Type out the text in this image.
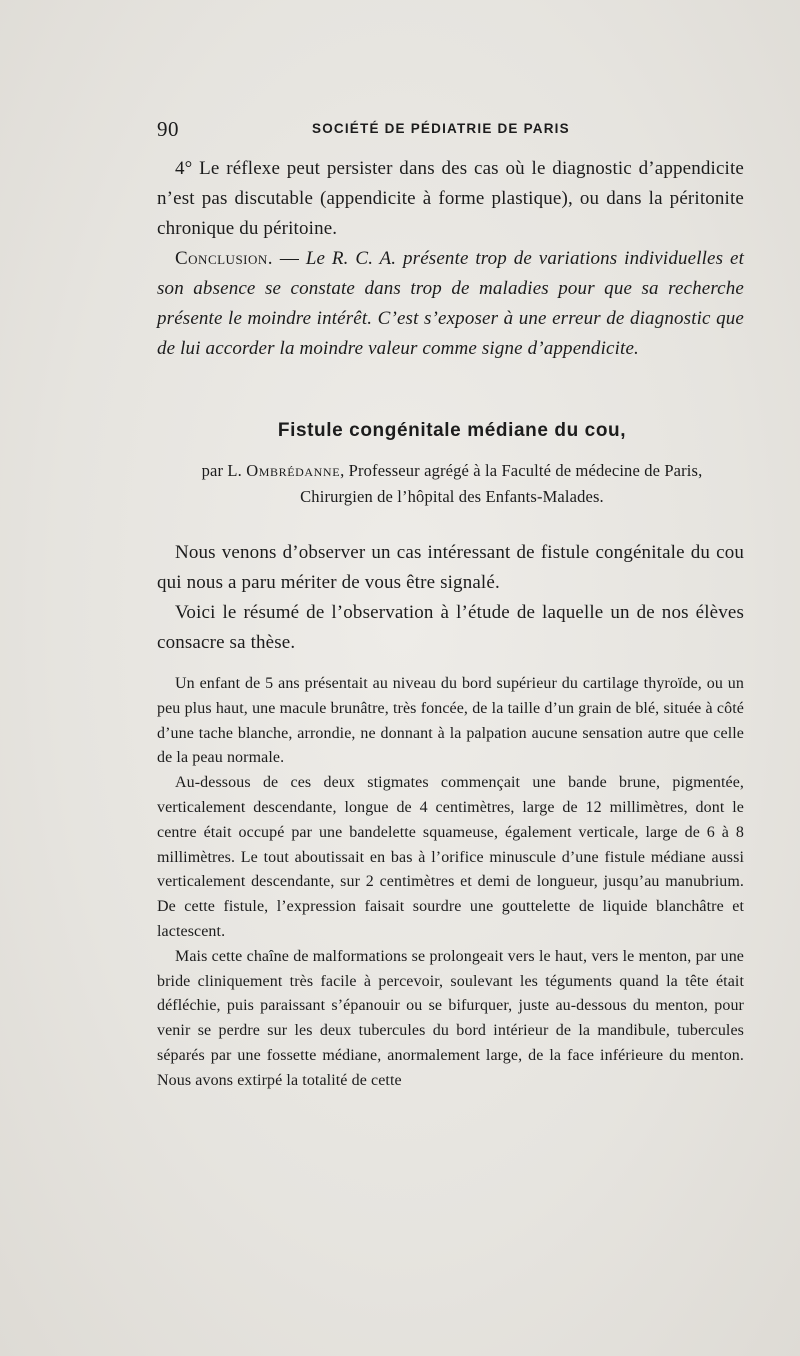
90	SOCIÉTÉ DE PÉDIATRIE DE PARIS

4° Le réflexe peut persister dans des cas où le diagnostic d’appendicite n’est pas discutable (appendicite à forme plastique), ou dans la péritonite chronique du péritoine.

Conclusion. — Le R. C. A. présente trop de variations individuelles et son absence se constate dans trop de maladies pour que sa recherche présente le moindre intérêt. C’est s’exposer à une erreur de diagnostic que de lui accorder la moindre valeur comme signe d’appendicite.

Fistule congénitale médiane du cou,
par L. Ombrédanne, Professeur agrégé à la Faculté de médecine de Paris,
Chirurgien de l’hôpital des Enfants-Malades.

Nous venons d’observer un cas intéressant de fistule congénitale du cou qui nous a paru mériter de vous être signalé.

Voici le résumé de l’observation à l’étude de laquelle un de nos élèves consacre sa thèse.

Un enfant de 5 ans présentait au niveau du bord supérieur du cartilage thyroïde, ou un peu plus haut, une macule brunâtre, très foncée, de la taille d’un grain de blé, située à côté d’une tache blanche, arrondie, ne donnant à la palpation aucune sensation autre que celle de la peau normale.

Au-dessous de ces deux stigmates commençait une bande brune, pigmentée, verticalement descendante, longue de 4 centimètres, large de 12 millimètres, dont le centre était occupé par une bandelette squameuse, également verticale, large de 6 à 8 millimètres. Le tout aboutissait en bas à l’orifice minuscule d’une fistule médiane aussi verticalement descendante, sur 2 centimètres et demi de longueur, jusqu’au manubrium. De cette fistule, l’expression faisait sourdre une gouttelette de liquide blanchâtre et lactescent.

Mais cette chaîne de malformations se prolongeait vers le haut, vers le menton, par une bride cliniquement très facile à percevoir, soulevant les téguments quand la tête était défléchie, puis paraissant s’épanouir ou se bifurquer, juste au-dessous du menton, pour venir se perdre sur les deux tubercules du bord intérieur de la mandibule, tubercules séparés par une fossette médiane, anormalement large, de la face inférieure du menton. Nous avons extirpé la totalité de cette
